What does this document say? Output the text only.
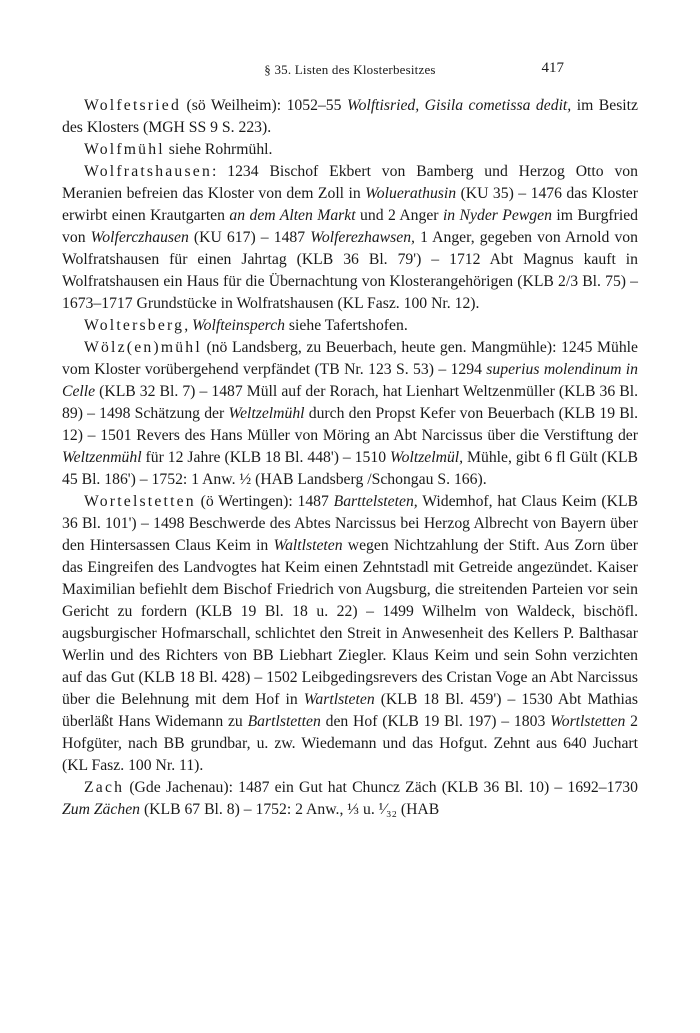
§ 35. Listen des Klosterbesitzes	417

Wolfetsried (sö Weilheim): 1052–55 Wolftisried, Gisila cometissa dedit, im Besitz des Klosters (MGH SS 9 S. 223).

Wolfmühl siehe Rohrmühl.

Wolfratshausen: 1234 Bischof Ekbert von Bamberg und Herzog Otto von Meranien befreien das Kloster von dem Zoll in Woluerathusin (KU 35) – 1476 das Kloster erwirbt einen Krautgarten an dem Alten Markt und 2 Anger in Nyder Pewgen im Burgfried von Wolferczhausen (KU 617) – 1487 Wolferezhawsen, 1 Anger, gegeben von Arnold von Wolfratshausen für einen Jahrtag (KLB 36 Bl. 79') – 1712 Abt Magnus kauft in Wolfratshausen ein Haus für die Übernachtung von Klosterangehörigen (KLB 2/3 Bl. 75) – 1673–1717 Grundstücke in Wolfratshausen (KL Fasz. 100 Nr. 12).

Woltersberg, Wolfteinsperch siehe Tafertshofen.

Wölz(en)mühl (nö Landsberg, zu Beuerbach, heute gen. Mangmühle): 1245 Mühle vom Kloster vorübergehend verpfändet (TB Nr. 123 S. 53) – 1294 superius molendinum in Celle (KLB 32 Bl. 7) – 1487 Müll auf der Rorach, hat Lienhart Weltzenmüller (KLB 36 Bl. 89) – 1498 Schätzung der Weltzelmühl durch den Propst Kefer von Beuerbach (KLB 19 Bl. 12) – 1501 Revers des Hans Müller von Möring an Abt Narcissus über die Verstiftung der Weltzenmühl für 12 Jahre (KLB 18 Bl. 448') – 1510 Woltzelmül, Mühle, gibt 6 fl Gült (KLB 45 Bl. 186') – 1752: 1 Anw. ½ (HAB Landsberg /Schongau S. 166).

Wortelstetten (ö Wertingen): 1487 Barttelsteten, Widemhof, hat Claus Keim (KLB 36 Bl. 101') – 1498 Beschwerde des Abtes Narcissus bei Herzog Albrecht von Bayern über den Hintersassen Claus Keim in Waltlsteten wegen Nichtzahlung der Stift. Aus Zorn über das Eingreifen des Landvogtes hat Keim einen Zehntstadl mit Getreide angezündet. Kaiser Maximilian befiehlt dem Bischof Friedrich von Augsburg, die streitenden Parteien vor sein Gericht zu fordern (KLB 19 Bl. 18 u. 22) – 1499 Wilhelm von Waldeck, bischöfl. augsburgischer Hofmarschall, schlichtet den Streit in Anwesenheit des Kellers P. Balthasar Werlin und des Richters von BB Liebhart Ziegler. Klaus Keim und sein Sohn verzichten auf das Gut (KLB 18 Bl. 428) – 1502 Leibgedingsrevers des Cristan Voge an Abt Narcissus über die Belehnung mit dem Hof in Wartlsteten (KLB 18 Bl. 459') – 1530 Abt Mathias überläßt Hans Widemann zu Bartlstetten den Hof (KLB 19 Bl. 197) – 1803 Wortlstetten 2 Hofgüter, nach BB grundbar, u. zw. Wiedemann und das Hofgut. Zehnt aus 640 Juchart (KL Fasz. 100 Nr. 11).

Zach (Gde Jachenau): 1487 ein Gut hat Chuncz Zäch (KLB 36 Bl. 10) – 1692–1730 Zum Zächen (KLB 67 Bl. 8) – 1752: 2 Anw., ⅓ u. ¹⁄₃₂ (HAB
